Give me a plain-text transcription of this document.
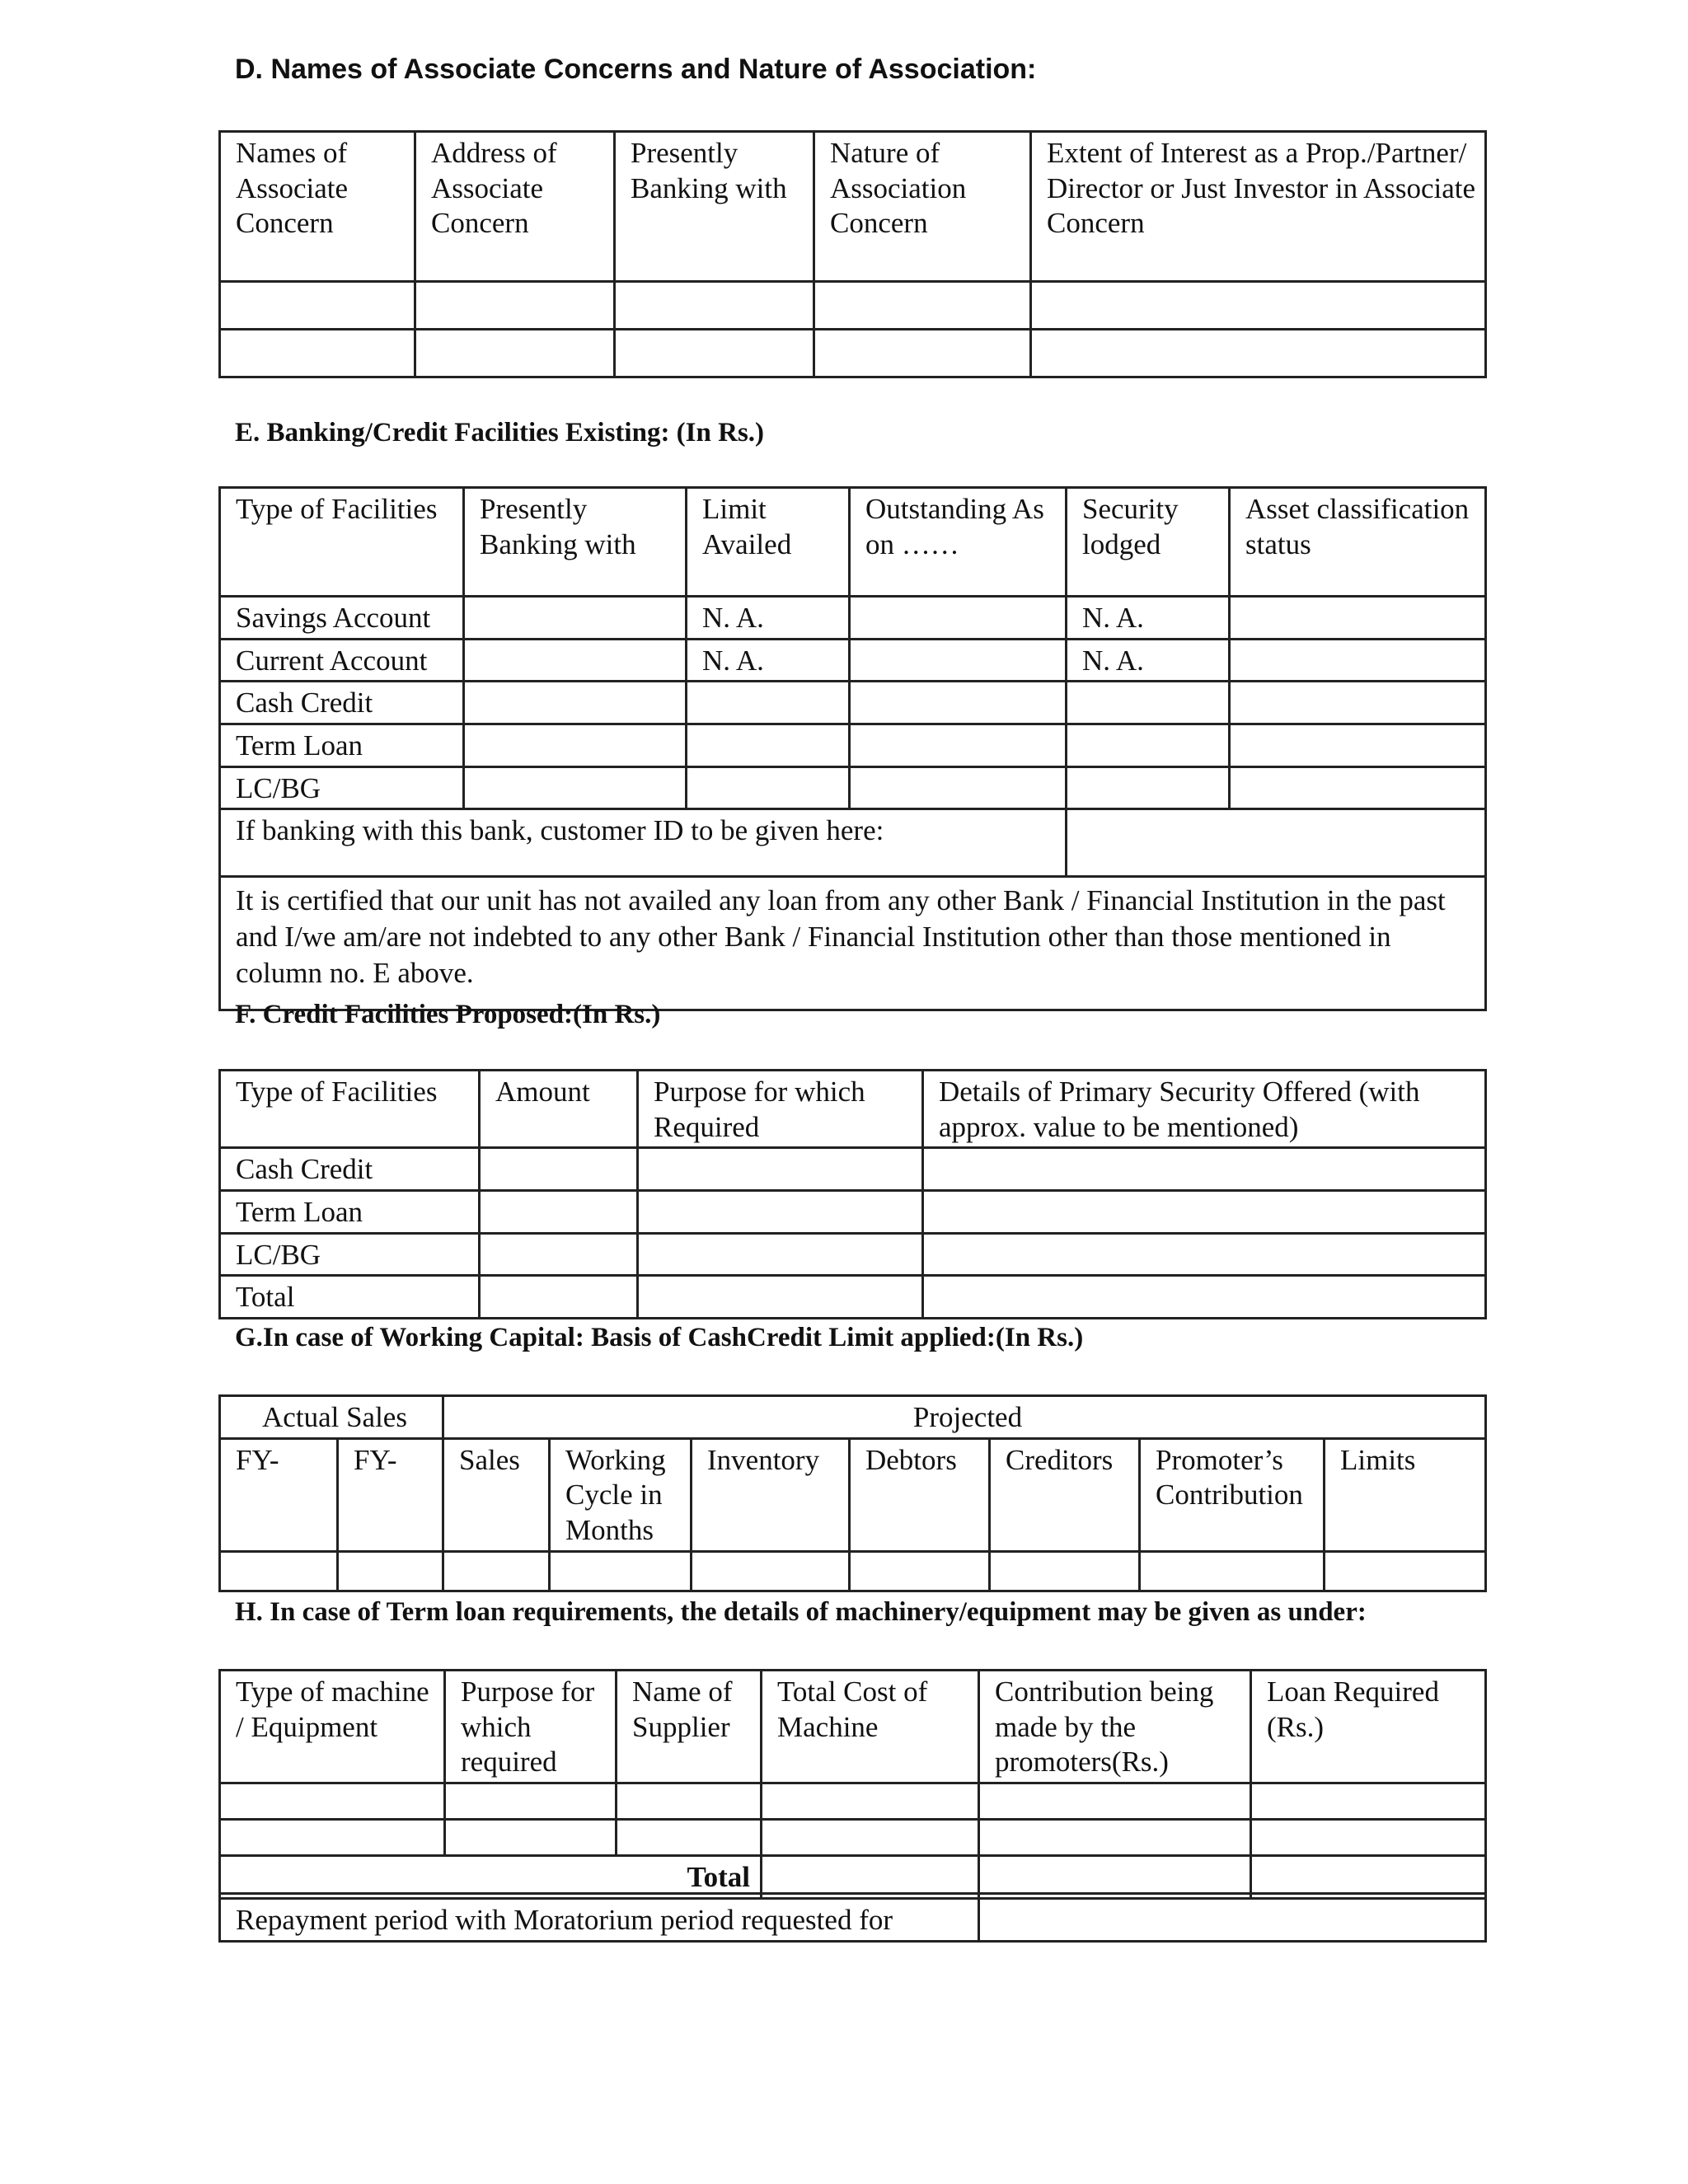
D. Names of Associate Concerns and Nature of Association:
Names of Associate Concern	Address of Associate Concern	Presently Banking with	Nature of Association Concern	Extent of Interest as a Prop./Partner/ Director or Just Investor in Associate Concern

E. Banking/Credit Facilities Existing: (In Rs.)
Type of Facilities	Presently Banking with	Limit Availed	Outstanding As on ……	Security lodged	Asset classification status
Savings Account		N. A.		N. A.	
Current Account		N. A.		N. A.	
Cash Credit					
Term Loan					
LC/BG					
If banking with this bank, customer ID to be given here:					
It is certified that our unit has not availed any loan from any other Bank / Financial Institution in the past and I/we am/are not indebted to any other Bank / Financial Institution other than those mentioned in column no. E above.					
F. Credit Facilities Proposed:(In Rs.)
Type of Facilities	Amount	Purpose for which Required	Details of Primary Security Offered (with approx. value to be mentioned)
Cash Credit			
Term Loan			
LC/BG			
Total			
G.In case of Working Capital: Basis of CashCredit Limit applied:(In Rs.)
Actual Sales		Projected						
FY-	FY-	Sales	Working Cycle in Months	Inventory	Debtors	Creditors	Promoter’s Contribution	Limits

H. In case of Term loan requirements, the details of machinery/equipment may be given as under:
Type of machine / Equipment	Purpose for which required	Name of Supplier	Total Cost of Machine	Contribution being made by the promoters(Rs.)	Loan Required (Rs.)

Total					
Repayment period with Moratorium period requested for	
